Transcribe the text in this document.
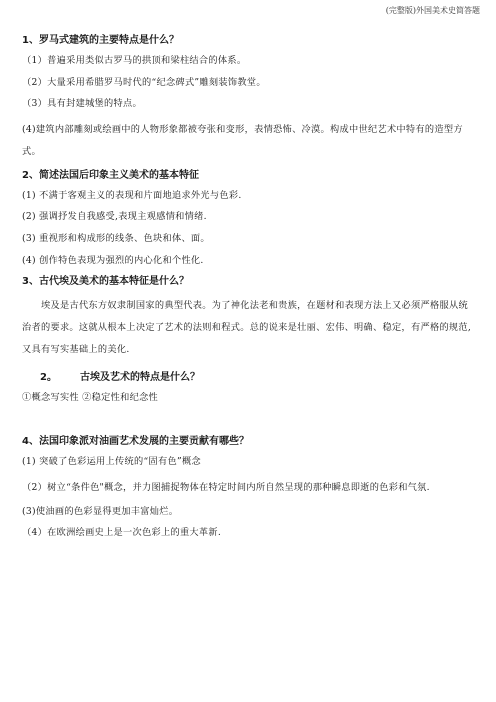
(完整版)外国美术史简答题
1、罗马式建筑的主要特点是什么？
（1）普遍采用类似古罗马的拱顶和梁柱结合的体系。
（2）大量采用希腊罗马时代的“纪念碑式”雕刻装饰教堂。
（3）具有封建城堡的特点。
(4)建筑内部雕刻或绘画中的人物形象都被夸张和变形，表情恐怖、冷漠。构成中世纪艺术中特有的造型方式。
2、简述法国后印象主义美术的基本特征
(1) 不满于客观主义的表现和片面地追求外光与色彩.
(2) 强调抒发自我感受,表现主观感情和情绪.
(3) 重视形和构成形的线条、色块和体、面。
(4) 创作特色表现为强烈的内心化和个性化.
3、古代埃及美术的基本特征是什么？
埃及是古代东方奴隶制国家的典型代表。为了神化法老和贵族，在题材和表现方法上又必须严格服从统治者的要求。这就从根本上决定了艺术的法则和程式。总的说来是壮丽、宏伟、明确、稳定，有严格的规范,又具有写实基础上的美化.
2。 古埃及艺术的特点是什么？
①概念写实性 ②稳定性和纪念性
4、法国印象派对油画艺术发展的主要贡献有哪些？
(1) 突破了色彩运用上传统的“固有色”概念
（2）树立“条件色"概念，并力图捕捉物体在特定时间内所自然呈现的那种瞬息即逝的色彩和气氛.
(3)使油画的色彩显得更加丰富灿烂。
（4）在欧洲绘画史上是一次色彩上的重大革新.
